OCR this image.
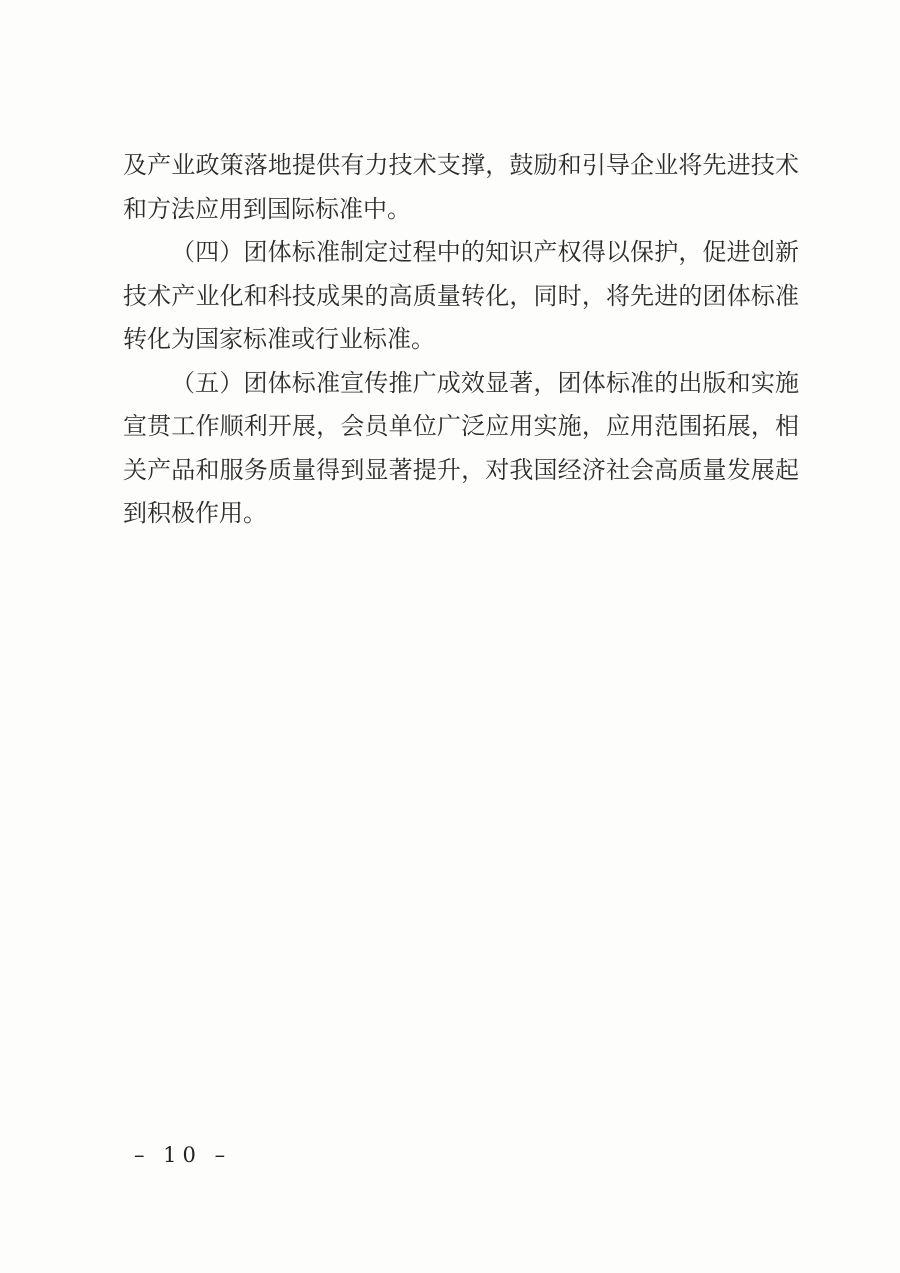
及产业政策落地提供有力技术支撑，鼓励和引导企业将先进技术和方法应用到国际标准中。

（四）团体标准制定过程中的知识产权得以保护，促进创新技术产业化和科技成果的高质量转化，同时，将先进的团体标准转化为国家标准或行业标准。

（五）团体标准宣传推广成效显著，团体标准的出版和实施宣贯工作顺利开展，会员单位广泛应用实施，应用范围拓展，相关产品和服务质量得到显著提升，对我国经济社会高质量发展起到积极作用。

– 10 –
